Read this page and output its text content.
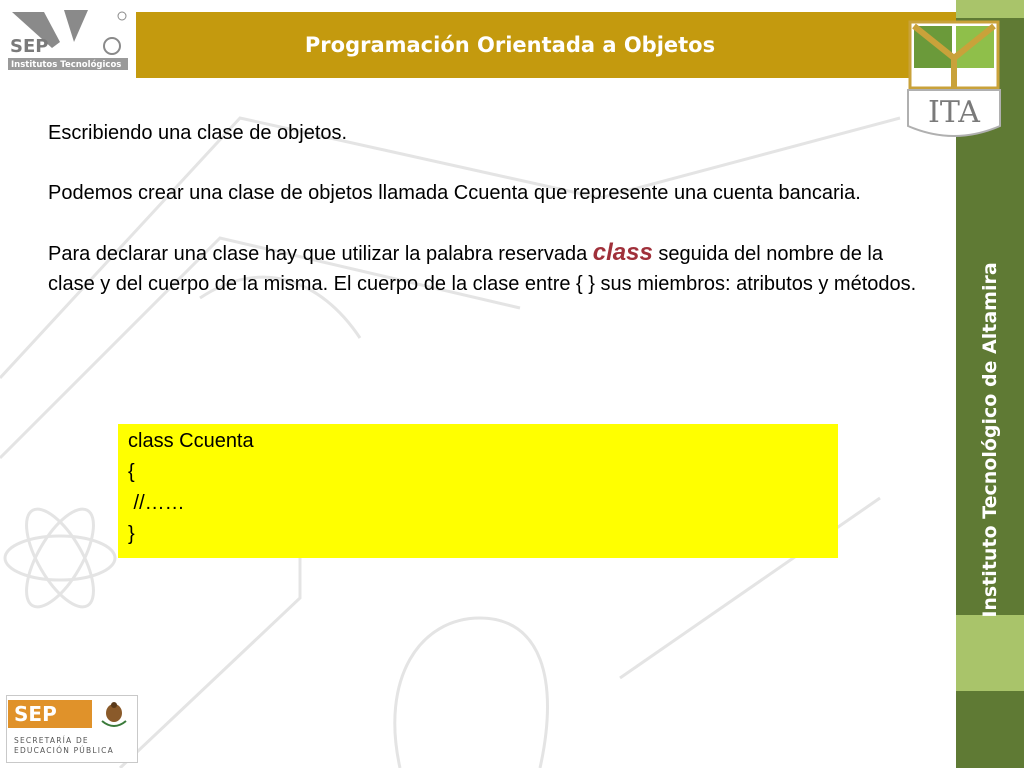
SEP
Institutos Tecnológicos
Programación Orientada a Objetos
Instituto Tecnológico de Altamira
ITA

Escribiendo una clase de objetos.

Podemos crear una clase de objetos llamada Ccuenta que represente una cuenta bancaria.

Para declarar una clase hay que utilizar la palabra reservada class seguida del nombre de la clase y del cuerpo de la misma. El cuerpo de la clase entre { } sus miembros: atributos y métodos.

class Ccuenta
{
//……
}
SEP
SECRETARÍA DE
EDUCACIÓN PÚBLICA
